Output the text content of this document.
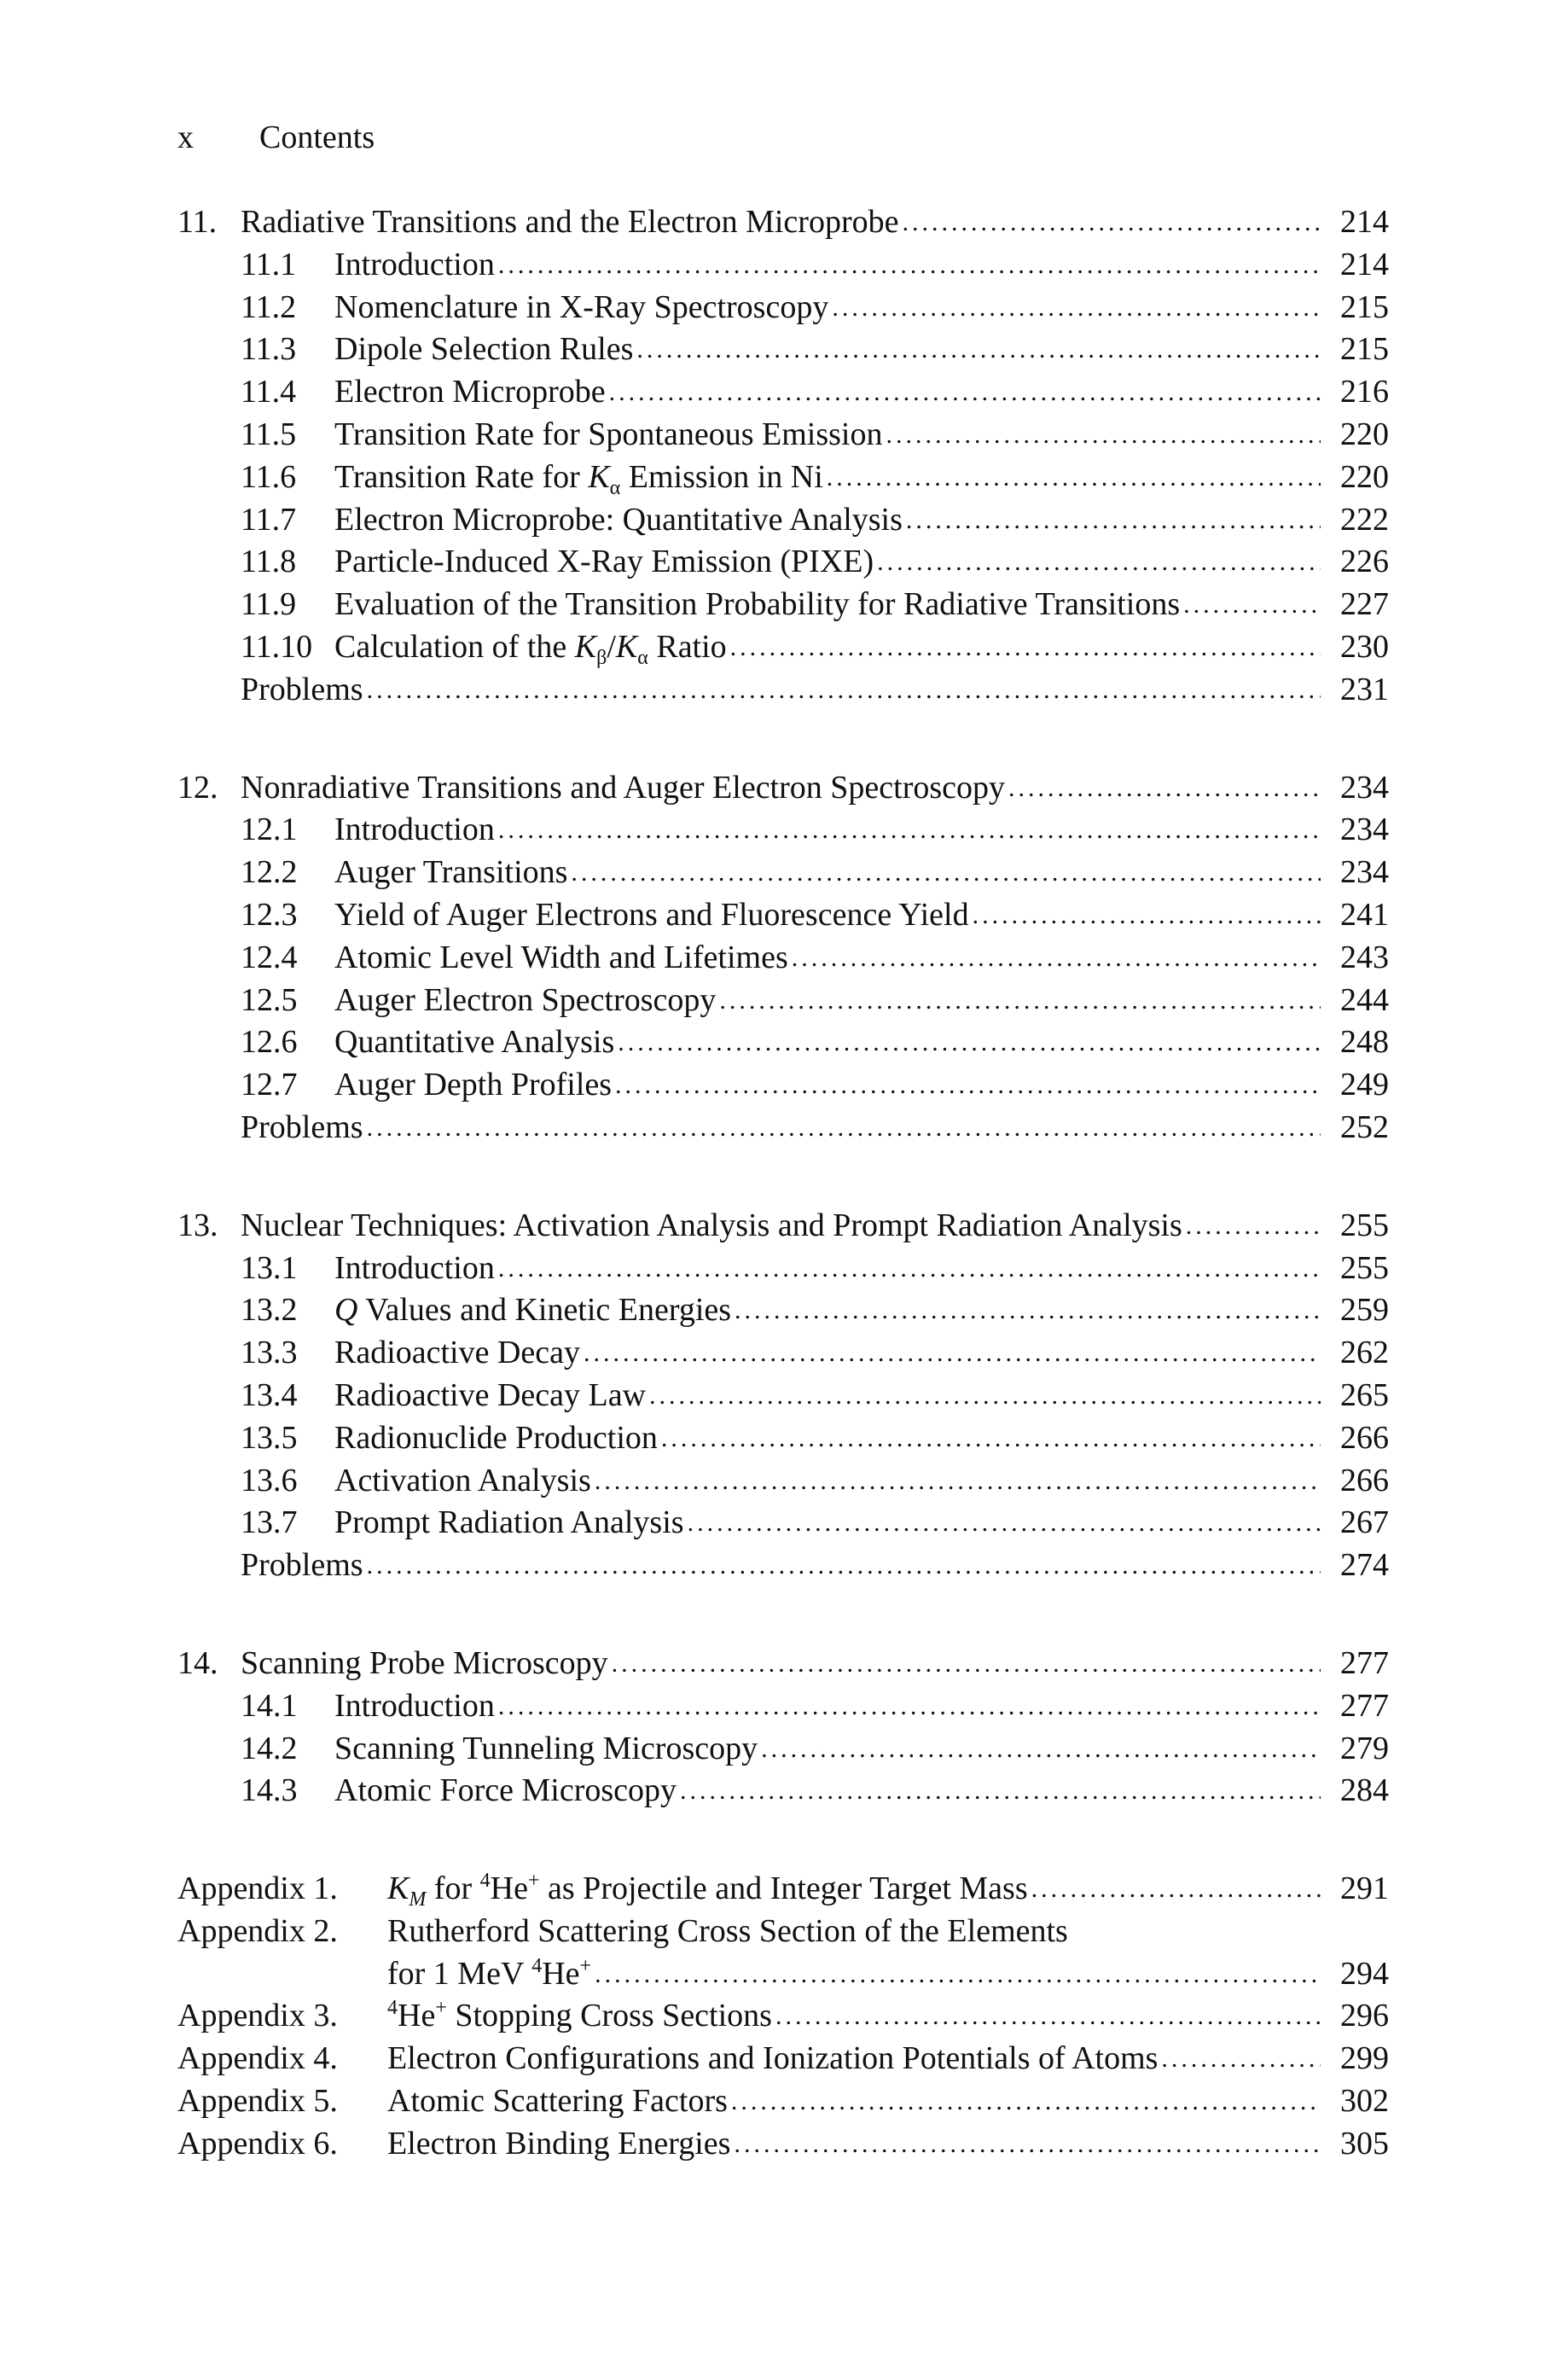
x Contents
11. Radiative Transitions and the Electron Microprobe .....	214
11.1	Introduction .....	214
11.2	Nomenclature in X-Ray Spectroscopy .....	215
11.3	Dipole Selection Rules .....	215
11.4	Electron Microprobe .....	216
11.5	Transition Rate for Spontaneous Emission .....	220
11.6	Transition Rate for $K_\alpha$ Emission in Ni .....	220
11.7	Electron Microprobe: Quantitative Analysis .....	222
11.8	Particle-Induced X-Ray Emission (PIXE) .....	226
11.9	Evaluation of the Transition Probability for Radiative Transitions .....	227
11.10 Calculation of the $K_\beta/K_\alpha$ Ratio .....	230
Problems .....	231
12. Nonradiative Transitions and Auger Electron Spectroscopy .....	234
12.1	Introduction .....	234
12.2	Auger Transitions .....	234
12.3	Yield of Auger Electrons and Fluorescence Yield .....	241
12.4	Atomic Level Width and Lifetimes .....	243
12.5	Auger Electron Spectroscopy .....	244
12.6	Quantitative Analysis .....	248
12.7	Auger Depth Profiles .....	249
Problems .....	252
13. Nuclear Techniques: Activation Analysis and Prompt Radiation Analysis .....	255
13.1	Introduction .....	255
13.2	Q Values and Kinetic Energies .....	259
13.3	Radioactive Decay .....	262
13.4	Radioactive Decay Law .....	265
13.5	Radionuclide Production .....	266
13.6	Activation Analysis .....	266
13.7	Prompt Radiation Analysis .....	267
Problems .....	274
14. Scanning Probe Microscopy .....	277
14.1	Introduction .....	277
14.2	Scanning Tunneling Microscopy .....	279
14.3	Atomic Force Microscopy .....	284
Appendix 1.	$K_M$ for $^4$He+ as Projectile and Integer Target Mass .....	291
Appendix 2.	Rutherford Scattering Cross Section of the Elements
for 1 MeV $^4$He+ .....	294
Appendix 3.	$^4$He+ Stopping Cross Sections .....	296
Appendix 4.	Electron Configurations and Ionization Potentials of Atoms .....	299
Appendix 5.	Atomic Scattering Factors .....	302
Appendix 6.	Electron Binding Energies .....	305
